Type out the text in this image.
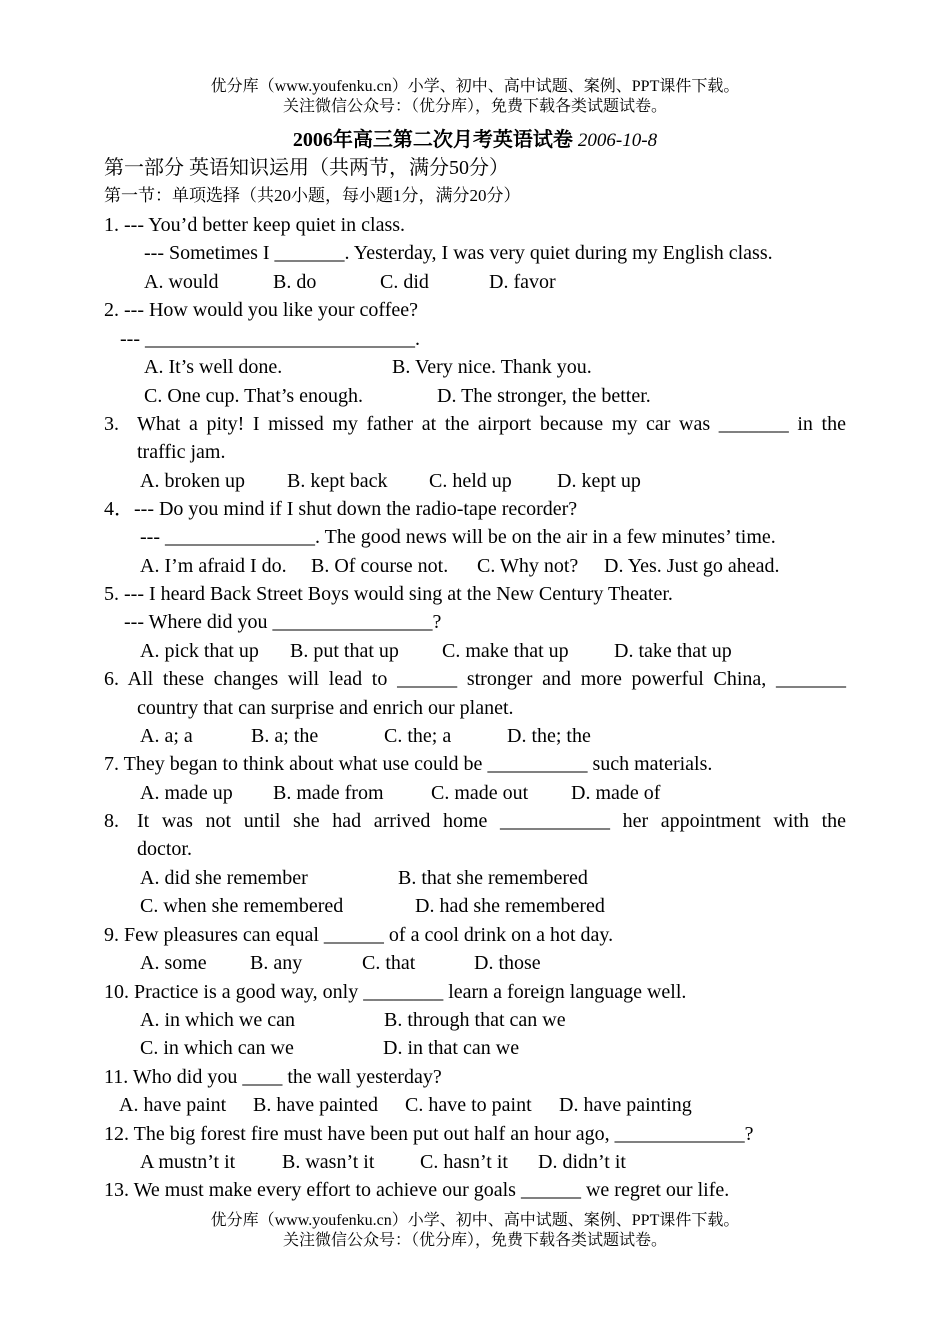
优分库（www.youfenku.cn）小学、初中、高中试题、案例、PPT课件下载。
关注微信公众号：（优分库），免费下载各类试题试卷。
2006年高三第二次月考英语试卷 2006-10-8
第一部分 英语知识运用（共两节，满分50分）
第一节：单项选择（共20小题，每小题1分，满分20分）
1. --- You’d better keep quiet in class.
--- Sometimes I _______. Yesterday, I was very quiet during my English class.
A. would	B. do	C. did	D. favor
2. --- How would you like your coffee?
--- ___________________________.
A. It’s well done.	B. Very nice. Thank you.
C. One cup. That’s enough.	D. The stronger, the better.
3. What a pity! I missed my father at the airport because my car was _______ in the
traffic jam.
A. broken up B. kept back C. held up D. kept up
4．--- Do you mind if I shut down the radio-tape recorder?
--- _______________. The good news will be on the air in a few minutes’ time.
A. I’m afraid I do. B. Of course not. C. Why not? D. Yes. Just go ahead.
5. --- I heard Back Street Boys would sing at the New Century Theater.
--- Where did you ________________?
A. pick that up B. put that up C. make that up D. take that up
6. All these changes will lead to ______ stronger and more powerful China, _______
country that can surprise and enrich our planet.
A. a; a	B. a; the	C. the; a	D. the; the
7. They began to think about what use could be __________ such materials.
A. made up B. made from C. made out D. made of
8. It was not until she had arrived home ___________ her appointment with the
doctor.
A. did she remember	B. that she remembered
C. when she remembered	D. had she remembered
9. Few pleasures can equal ______ of a cool drink on a hot day.
A. some B. any	C. that	D. those
10. Practice is a good way, only ________ learn a foreign language well.
A. in which we can	B. through that can we
C. in which can we	D. in that can we
11. Who did you ____ the wall yesterday?
A. have paint B. have painted C. have to paint D. have painting
12. The big forest fire must have been put out half an hour ago, _____________?
A mustn’t it B. wasn’t it C. hasn’t it D. didn’t it
13. We must make every effort to achieve our goals ______ we regret our life.
优分库（www.youfenku.cn）小学、初中、高中试题、案例、PPT课件下载。
关注微信公众号：（优分库），免费下载各类试题试卷。
